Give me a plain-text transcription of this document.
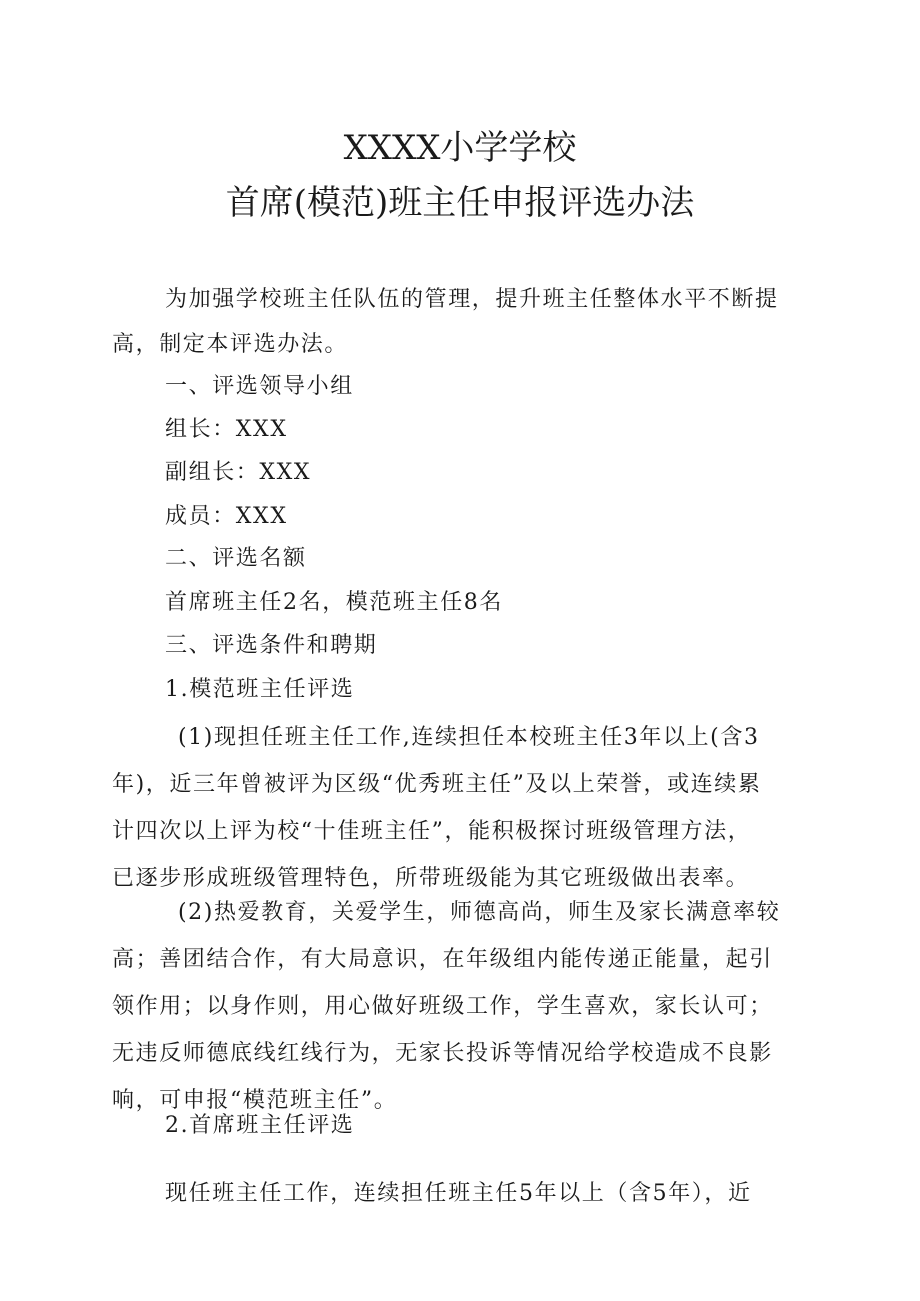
XXXX小学学校
首席(模范)班主任申报评选办法

为加强学校班主任队伍的管理，提升班主任整体水平不断提

高，制定本评选办法。

一、评选领导小组

组长：XXX

副组长：XXX

成员：XXX

二、评选名额

首席班主任2名，模范班主任8名

三、评选条件和聘期

1.模范班主任评选

(1)现担任班主任工作,连续担任本校班主任3年以上(含3
年)，近三年曾被评为区级“优秀班主任”及以上荣誉，或连续累
计四次以上评为校“十佳班主任”，能积极探讨班级管理方法，
已逐步形成班级管理特色，所带班级能为其它班级做出表率。
(2)热爱教育，关爱学生，师德高尚，师生及家长满意率较
高；善团结合作，有大局意识，在年级组内能传递正能量，起引
领作用；以身作则，用心做好班级工作，学生喜欢，家长认可；
无违反师德底线红线行为，无家长投诉等情况给学校造成不良影
响，可申报“模范班主任”。

2.首席班主任评选

现任班主任工作，连续担任班主任5年以上（含5年），近
